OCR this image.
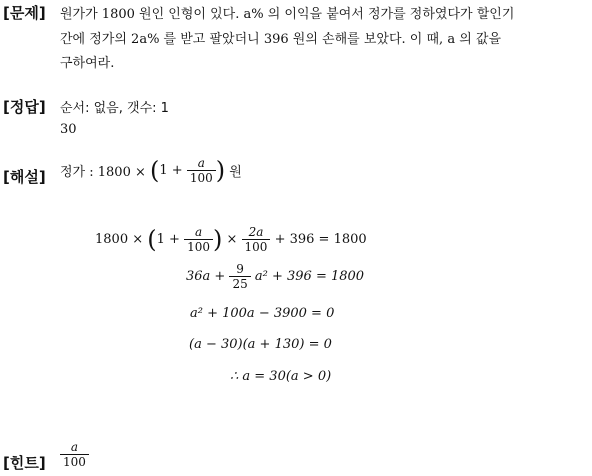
[문제] 원가가 1800 원인 인형이 있다. a% 의 이익을 붙여서 정가를 정하였다가 할인기
간에 정가의 2a% 를 받고 팔았더니 396 원의 손해를 보았다. 이 때, a 의 값을
구하여라.
[정답] 순서: 없음, 갯수: 1
30
[해설] 정가 : $1800 \times (1 + \frac{a}{100}$ ) 원
$1800 \times (1 + \frac{a}{100}$ ) × $\frac{2a}{100} + 396 = 1800$
$36a + \frac{9}{25} a^2 + 396 = 1800$
a² + 100a − 3900 = 0
(a − 30)(a + 130) = 0
∴ a = 30(a > 0)
[힌트] $\frac{a}{100}$
